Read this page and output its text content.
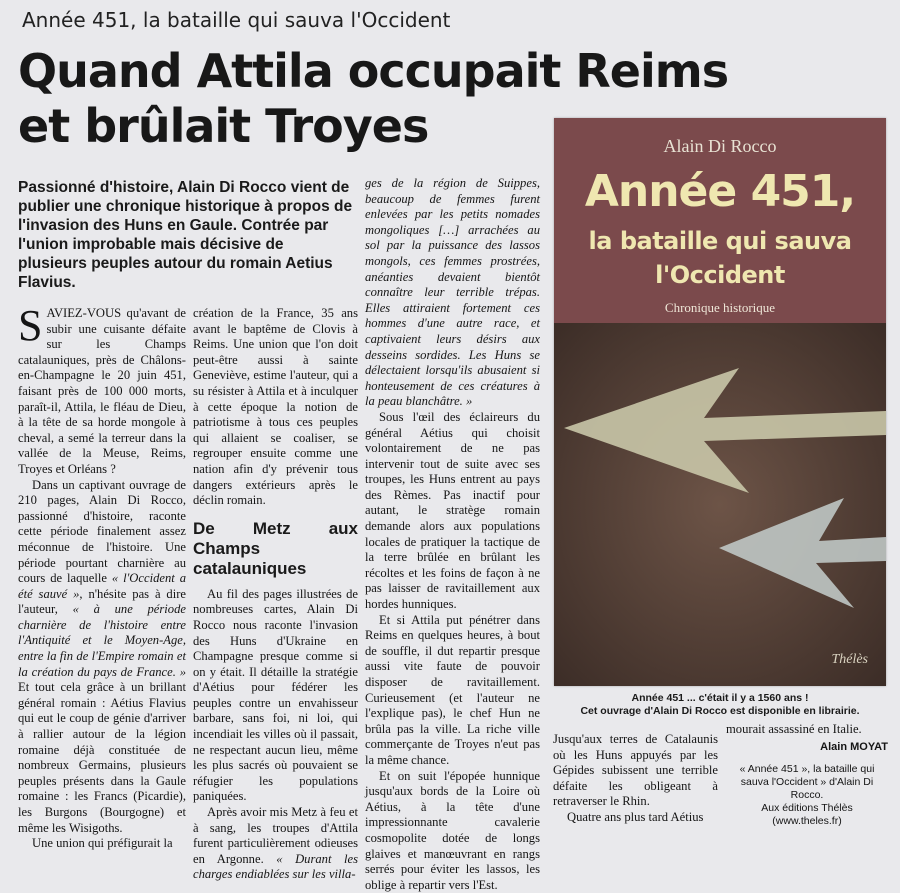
Année 451, la bataille qui sauva l'Occident
Quand Attila occupait Reims
et brûlait Troyes
Passionné d'histoire, Alain Di Rocco vient de publier une chronique historique à propos de l'invasion des Huns en Gaule. Contrée par l'union improbable mais décisive de plusieurs peuples autour du romain Aetius Flavius.

SAVIEZ-VOUS qu'avant de subir une cuisante défaite sur les Champs catalauniques, près de Châlons-en-Champagne le 20 juin 451, faisant près de 100 000 morts, paraît-il, Attila, le fléau de Dieu, à la tête de sa horde mongole à cheval, a semé la terreur dans la vallée de la Meuse, Reims, Troyes et Orléans ?

Dans un captivant ouvrage de 210 pages, Alain Di Rocco, passionné d'histoire, raconte cette période finalement assez méconnue de l'histoire. Une période pourtant charnière au cours de laquelle « l'Occident a été sauvé », n'hésite pas à dire l'auteur, « à une période charnière de l'histoire entre l'Antiquité et le Moyen-Age, entre la fin de l'Empire romain et la création du pays de France. » Et tout cela grâce à un brillant général romain : Aétius Flavius qui eut le coup de génie d'arriver à rallier autour de la légion romaine déjà constituée de nombreux Germains, plusieurs peuples présents dans la Gaule romaine : les Francs (Picardie), les Burgons (Bourgogne) et même les Wisigoths.

Une union qui préfigurait la

création de la France, 35 ans avant le baptême de Clovis à Reims. Une union que l'on doit peut-être aussi à sainte Geneviève, estime l'auteur, qui a su résister à Attila et à inculquer à cette époque la notion de patriotisme à tous ces peuples qui allaient se coaliser, se regrouper ensuite comme une nation afin d'y prévenir tous dangers extérieurs après le déclin romain.

De Metz aux Champs catalauniques

Au fil des pages illustrées de nombreuses cartes, Alain Di Rocco nous raconte l'invasion des Huns d'Ukraine en Champagne presque comme si on y était. Il détaille la stratégie d'Aétius pour fédérer les peuples contre un envahisseur barbare, sans foi, ni loi, qui incendiait les villes où il passait, ne respectant aucun lieu, même les plus sacrés où pouvaient se réfugier les populations paniquées.

Après avoir mis Metz à feu et à sang, les troupes d'Attila furent particulièrement odieuses en Argonne. « Durant les charges endiablées sur les villa-

ges de la région de Suippes, beaucoup de femmes furent enlevées par les petits nomades mongoliques […] arrachées au sol par la puissance des lassos mongols, ces femmes prostrées, anéanties devaient bientôt connaître leur terrible trépas. Elles attiraient fortement ces hommes d'une autre race, et captivaient leurs désirs aux desseins sordides. Les Huns se délectaient lorsqu'ils abusaient si honteusement de ces créatures à la peau blanchâtre. »

Sous l'œil des éclaireurs du général Aétius qui choisit volontairement de ne pas intervenir tout de suite avec ses troupes, les Huns entrent au pays des Rèmes. Pas inactif pour autant, le stratège romain demande alors aux populations locales de pratiquer la tactique de la terre brûlée en brûlant les récoltes et les foins de façon à ne pas laisser de ravitaillement aux hordes hunniques.

Et si Attila put pénétrer dans Reims en quelques heures, à bout de souffle, il dut repartir presque aussi vite faute de pouvoir disposer de ravitaillement. Curieusement (et l'auteur ne l'explique pas), le chef Hun ne brûla pas la ville. La riche ville commerçante de Troyes n'eut pas la même chance.

Et on suit l'épopée hunnique jusqu'aux bords de la Loire où Aétius, à la tête d'une impressionnante cavalerie cosmopolite dotée de longs glaives et manœuvrant en rangs serrés pour éviter les lassos, les oblige à repartir vers l'Est.

Alain Di Rocco
Année 451,
la bataille qui sauva
l'Occident
Chronique historique
Thélès
Année 451 ... c'était il y a 1560 ans !
Cet ouvrage d'Alain Di Rocco est disponible en librairie.

Jusqu'aux terres de Catalaunis où les Huns appuyés par les Gépides subissent une terrible défaite les obligeant à retraverser le Rhin.

Quatre ans plus tard Aétius

mourait assassiné en Italie.

Alain MOYAT
« Année 451 », la bataille qui sauva l'Occident » d'Alain Di Rocco.
Aux éditions Thélès (www.theles.fr)
